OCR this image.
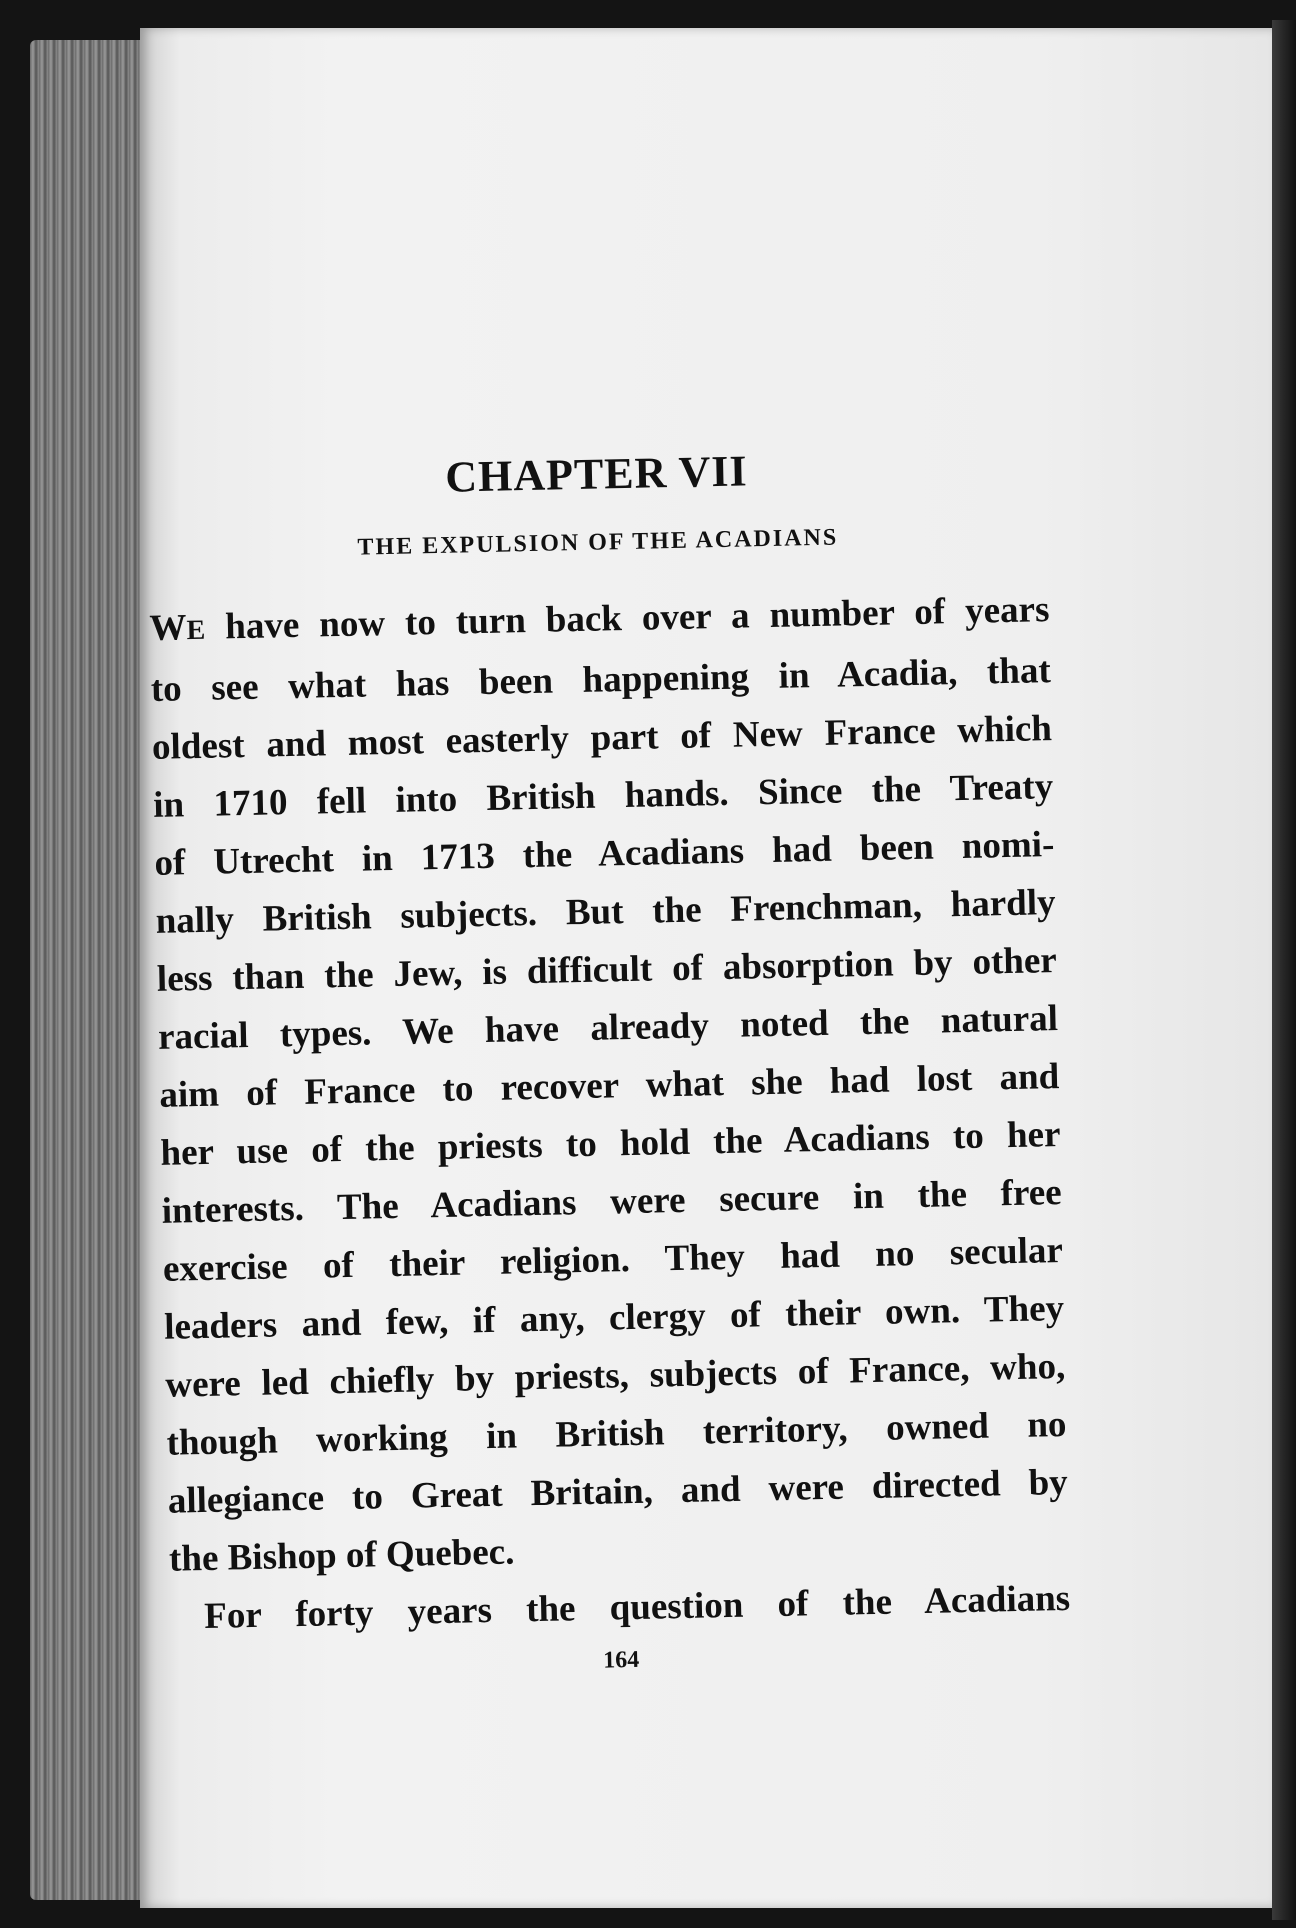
CHAPTER VII
THE EXPULSION OF THE ACADIANS

WE have now to turn back over a number of years
to see what has been happening in Acadia, that
oldest and most easterly part of New France which
in 1710 fell into British hands. Since the Treaty
of Utrecht in 1713 the Acadians had been nomi-
nally British subjects. But the Frenchman, hardly
less than the Jew, is difficult of absorption by other
racial types. We have already noted the natural
aim of France to recover what she had lost and
her use of the priests to hold the Acadians to her
interests. The Acadians were secure in the free
exercise of their religion. They had no secular
leaders and few, if any, clergy of their own. They
were led chiefly by priests, subjects of France, who,
though working in British territory, owned no
allegiance to Great Britain, and were directed by
the Bishop of Quebec.

For forty years the question of the Acadians

164
